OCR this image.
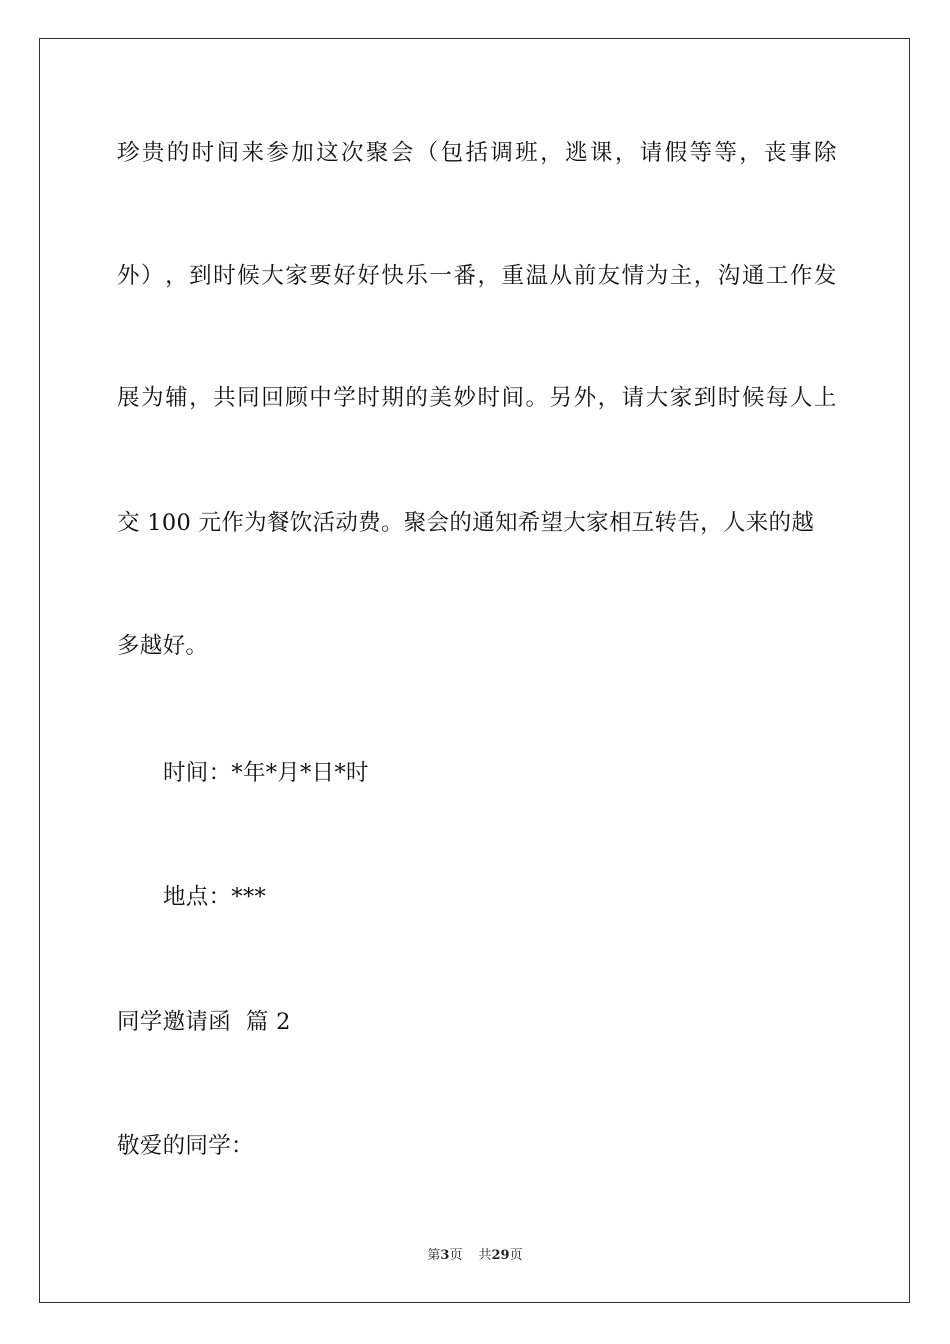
珍 贵 的 时 间 来 参 加 这 次 聚 会 （ 包 括 调 班 ， 逃 课 ， 请 假 等 等 ， 丧 事 除
外 ） ， 到 时 候 大 家 要 好 好 快 乐 一 番 ， 重 温 从 前 友 情 为 主 ， 沟 通 工 作 发
展 为 辅 ， 共 同 回 顾 中 学 时 期 的 美 妙 时 间 。 另 外 ， 请 大 家 到 时 候 每 人 上
交 100 元作为餐饮活动费。聚会的通知希望大家相互转告，人来的越
多越好。
时间：*年*月*日*时
地点：***
同学邀请函  篇 2
敬爱的同学：
第3页 共29页
